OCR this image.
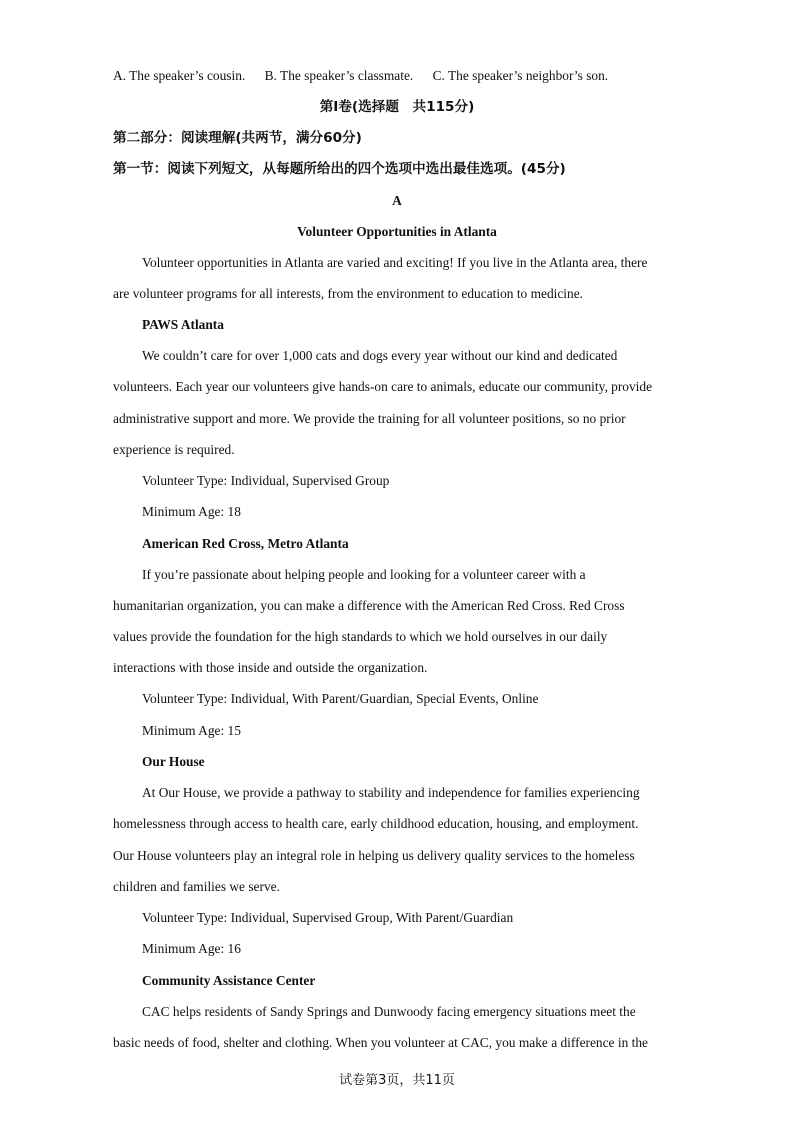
A. The speaker’s cousin. B. The speaker’s classmate. C. The speaker’s neighbor’s son.
第I卷(选择题　共115分)
第二部分：阅读理解(共两节，满分60分)
第一节：阅读下列短文，从每题所给出的四个选项中选出最佳选项。(45分)
A
Volunteer Opportunities in Atlanta
Volunteer opportunities in Atlanta are varied and exciting! If you live in the Atlanta area, there
are volunteer programs for all interests, from the environment to education to medicine.
PAWS Atlanta
We couldn’t care for over 1,000 cats and dogs every year without our kind and dedicated
volunteers. Each year our volunteers give hands-on care to animals, educate our community, provide
administrative support and more. We provide the training for all volunteer positions, so no prior
experience is required.
Volunteer Type: Individual, Supervised Group
Minimum Age: 18
American Red Cross, Metro Atlanta
If you’re passionate about helping people and looking for a volunteer career with a
humanitarian organization, you can make a difference with the American Red Cross. Red Cross
values provide the foundation for the high standards to which we hold ourselves in our daily
interactions with those inside and outside the organization.
Volunteer Type: Individual, With Parent/Guardian, Special Events, Online
Minimum Age: 15
Our House
At Our House, we provide a pathway to stability and independence for families experiencing
homelessness through access to health care, early childhood education, housing, and employment.
Our House volunteers play an integral role in helping us delivery quality services to the homeless
children and families we serve.
Volunteer Type: Individual, Supervised Group, With Parent/Guardian
Minimum Age: 16
Community Assistance Center
CAC helps residents of Sandy Springs and Dunwoody facing emergency situations meet the
basic needs of food, shelter and clothing. When you volunteer at CAC, you make a difference in the
试卷第3页，共11页
